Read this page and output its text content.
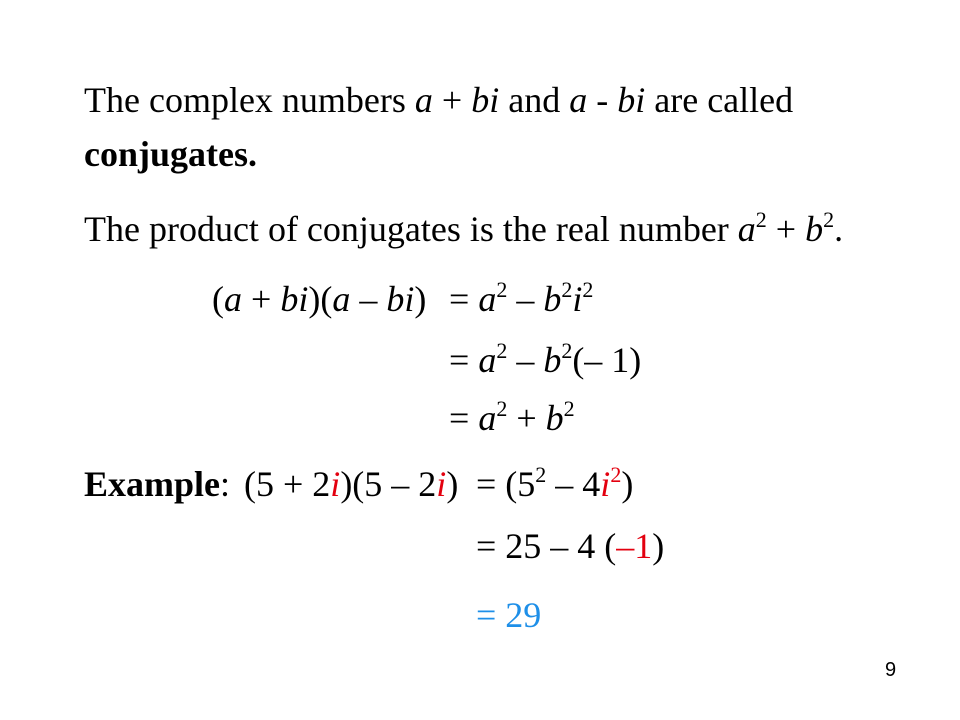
The complex numbers a + bi and a - bi are called
conjugates.
The product of conjugates is the real number $a^2 + b^2$.
$(a + bi)(a - bi) = a^2 - b^2i^2$
= $a^2 - b^2(-$ 1)
= $a^2 + b^2$
Example: $(5 + 2i)(5 - 2i) = (5^2 - 4i^2)$
= 25 – 4 (–1)
= 29
9
